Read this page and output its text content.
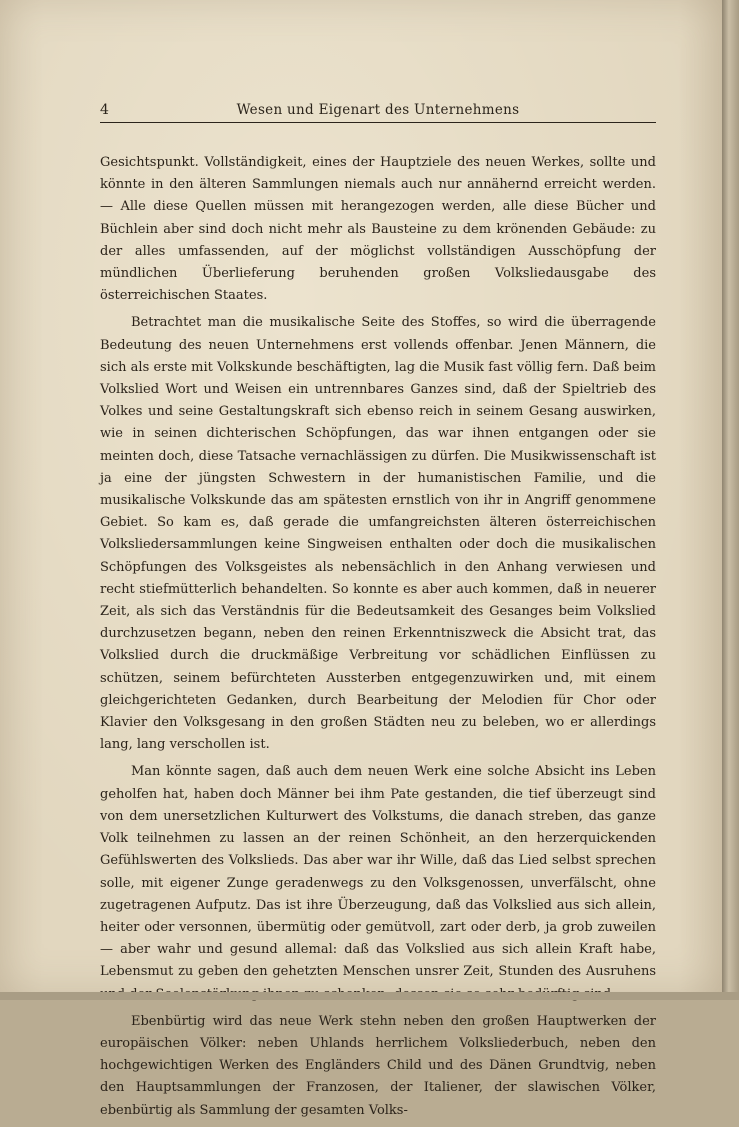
4	Wesen und Eigenart des Unternehmens

Gesichtspunkt. Vollständigkeit, eines der Hauptziele des neuen Werkes, sollte und könnte in den älteren Sammlungen niemals auch nur annähernd erreicht werden. — Alle diese Quellen müssen mit herangezogen werden, alle diese Bücher und Büchlein aber sind doch nicht mehr als Bausteine zu dem krönenden Gebäude: zu der alles umfassenden, auf der möglichst vollständigen Ausschöpfung der mündlichen Überlieferung beruhenden großen Volksliedausgabe des österreichischen Staates.

Betrachtet man die musikalische Seite des Stoffes, so wird die überragende Bedeutung des neuen Unternehmens erst vollends offenbar. Jenen Männern, die sich als erste mit Volkskunde beschäftigten, lag die Musik fast völlig fern. Daß beim Volkslied Wort und Weisen ein untrennbares Ganzes sind, daß der Spieltrieb des Volkes und seine Gestaltungskraft sich ebenso reich in seinem Gesang auswirken, wie in seinen dichterischen Schöpfungen, das war ihnen entgangen oder sie meinten doch, diese Tatsache vernachlässigen zu dürfen. Die Musikwissenschaft ist ja eine der jüngsten Schwestern in der humanistischen Familie, und die musikalische Volkskunde das am spätesten ernstlich von ihr in Angriff genommene Gebiet. So kam es, daß gerade die umfangreichsten älteren österreichischen Volksliedersammlungen keine Singweisen enthalten oder doch die musikalischen Schöpfungen des Volksgeistes als nebensächlich in den Anhang verwiesen und recht stiefmütterlich behandelten. So konnte es aber auch kommen, daß in neuerer Zeit, als sich das Verständnis für die Bedeutsamkeit des Gesanges beim Volkslied durchzusetzen begann, neben den reinen Erkenntniszweck die Absicht trat, das Volkslied durch die druckmäßige Verbreitung vor schädlichen Einflüssen zu schützen, seinem befürchteten Aussterben entgegenzuwirken und, mit einem gleichgerichteten Gedanken, durch Bearbeitung der Melodien für Chor oder Klavier den Volksgesang in den großen Städten neu zu beleben, wo er allerdings lang, lang verschollen ist.

Man könnte sagen, daß auch dem neuen Werk eine solche Absicht ins Leben geholfen hat, haben doch Männer bei ihm Pate gestanden, die tief überzeugt sind von dem unersetzlichen Kulturwert des Volkstums, die danach streben, das ganze Volk teilnehmen zu lassen an der reinen Schönheit, an den herzerquickenden Gefühlswerten des Volkslieds. Das aber war ihr Wille, daß das Lied selbst sprechen solle, mit eigener Zunge geradenwegs zu den Volksgenossen, unverfälscht, ohne zugetragenen Aufputz. Das ist ihre Überzeugung, daß das Volkslied aus sich allein, heiter oder versonnen, übermütig oder gemütvoll, zart oder derb, ja grob zuweilen — aber wahr und gesund allemal: daß das Volkslied aus sich allein Kraft habe, Lebensmut zu geben den gehetzten Menschen unsrer Zeit, Stunden des Ausruhens

Ebenbürtig wird das neue Werk stehn neben den großen Hauptwerken der europäischen Völker: neben Uhlands herrlichem Volksliederbuch, neben den hochgewichtigen Werken des Engländers Child und des Dänen Grundtvig, neben den Hauptsammlungen der Franzosen, der Italiener, der slawischen Völker, ebenbürtig als Sammlung der gesamten Volks-
